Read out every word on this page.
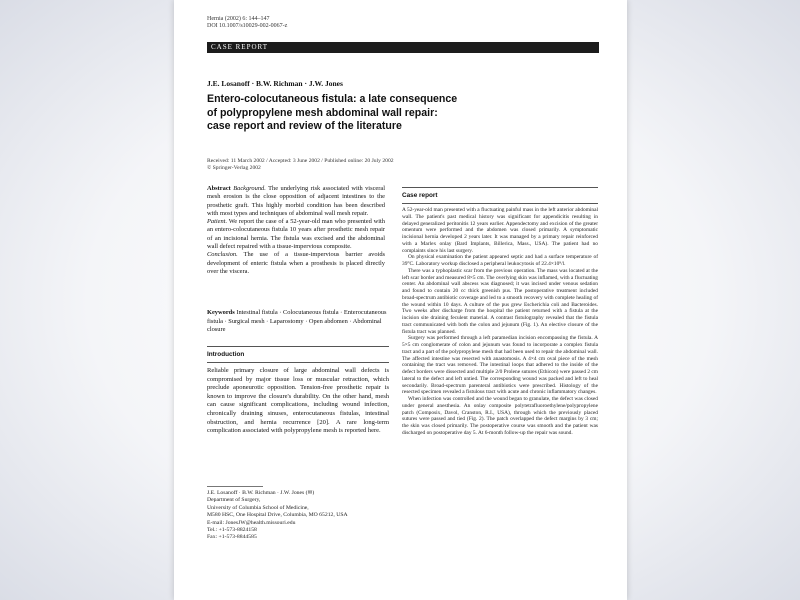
Hernia (2002) 6: 144–147
DOI 10.1007/s10029-002-0067-z
CASE REPORT
J.E. Losanoff · B.W. Richman · J.W. Jones
Entero-colocutaneous fistula: a late consequence
of polypropylene mesh abdominal wall repair:
case report and review of the literature
Received: 11 March 2002 / Accepted: 3 June 2002 / Published online: 20 July 2002
© Springer-Verlag 2002

Abstract Background. The underlying risk associated with visceral mesh erosion is the close opposition of adjacent intestines to the prosthetic graft. This highly morbid condition has been described with most types and techniques of abdominal wall mesh repair.

Patient. We report the case of a 52-year-old man who presented with an entero-colocutaneous fistula 10 years after prosthetic mesh repair of an incisional hernia. The fistula was excised and the abdominal wall defect repaired with a tissue-impervious composite.

Conclusion. The use of a tissue-impervious barrier avoids development of enteric fistula when a prosthesis is placed directly over the viscera.

Keywords Intestinal fistula · Colocutaneous fistula · Enterocutaneous fistula · Surgical mesh · Laparostomy · Open abdomen · Abdominal closure
Introduction

Reliable primary closure of large abdominal wall defects is compromised by major tissue loss or muscular retraction, which preclude aponeurotic opposition. Tension-free prosthetic repair is known to improve the closure's durability. On the other hand, mesh can cause significant complications, including wound infection, chronically draining sinuses, enterocutaneous fistulas, intestinal obstruction, and hernia recurrence [20]. A rare long-term complication associated with polypropylene mesh is reported here.

J.E. Losanoff · B.W. Richman · J.W. Jones (✉)
Department of Surgery,
University of Columbia School of Medicine,
M580 HSC, One Hospital Drive, Columbia, MO 65212, USA
E-mail: JonesJW@health.missouri.edu
Tel.: +1-573-8824158
Fax: +1-573-8844585
Case report

A 52-year-old man presented with a fluctuating painful mass in the left anterior abdominal wall. The patient's past medical history was significant for appendicitis resulting in delayed generalized peritonitis 12 years earlier. Appendectomy and excision of the greater omentum were performed and the abdomen was closed primarily. A symptomatic incisional hernia developed 2 years later. It was managed by a primary repair reinforced with a Marlex onlay (Bard Implants, Billerica, Mass., USA). The patient had no complaints since his last surgery.

On physical examination the patient appeared septic and had a surface temperature of 39°C. Laboratory workup disclosed a peripheral leukocytosis of 22.4×10⁹/l.

There was a typhoplastic scar from the previous operation. The mass was located at the left scar border and measured 8×5 cm. The overlying skin was inflamed, with a fluctuating center. An abdominal wall abscess was diagnosed; it was incised under venous sedation and found to contain 20 cc thick greenish pus. The postoperative treatment included broad-spectrum antibiotic coverage and led to a smooth recovery with complete healing of the wound within 10 days. A culture of the pus grew Escherichia coli and Bacteroides. Two weeks after discharge from the hospital the patient returned with a fistula at the incision site draining feculent material. A contrast fistulography revealed that the fistula tract communicated with both the colon and jejunum (Fig. 1). An elective closure of the fistula tract was planned.

Surgery was performed through a left paramedian incision encompassing the fistula. A 5×5 cm conglomerate of colon and jejunum was found to incorporate a complex fistula tract and a part of the polypropylene mesh that had been used to repair the abdominal wall. The affected intestine was resected with anastomosis. A 4×4 cm oval piece of the mesh containing the tract was removed. The intestinal loops that adhered to the inside of the defect borders were dissected and multiple 2/0 Prolene sutures (Ethicon) were passed 2 cm lateral to the defect and left untied. The corresponding wound was packed and left to heal secondarily. Broad-spectrum parenteral antibiotics were prescribed. Histology of the resected specimen revealed a fistulous tract with acute and chronic inflammatory changes.

When infection was controlled and the wound began to granulate, the defect was closed under general anesthesia. An onlay composite polytetrafluoroethylene/polypropylene patch (Composix, Davol, Cranston, R.I., USA), through which the previously placed sutures were passed and tied (Fig. 2). The patch overlapped the defect margins by 3 cm; the skin was closed primarily. The postoperative course was smooth and the patient was discharged on postoperative day 5. At 6-month follow-up the repair was sound.
